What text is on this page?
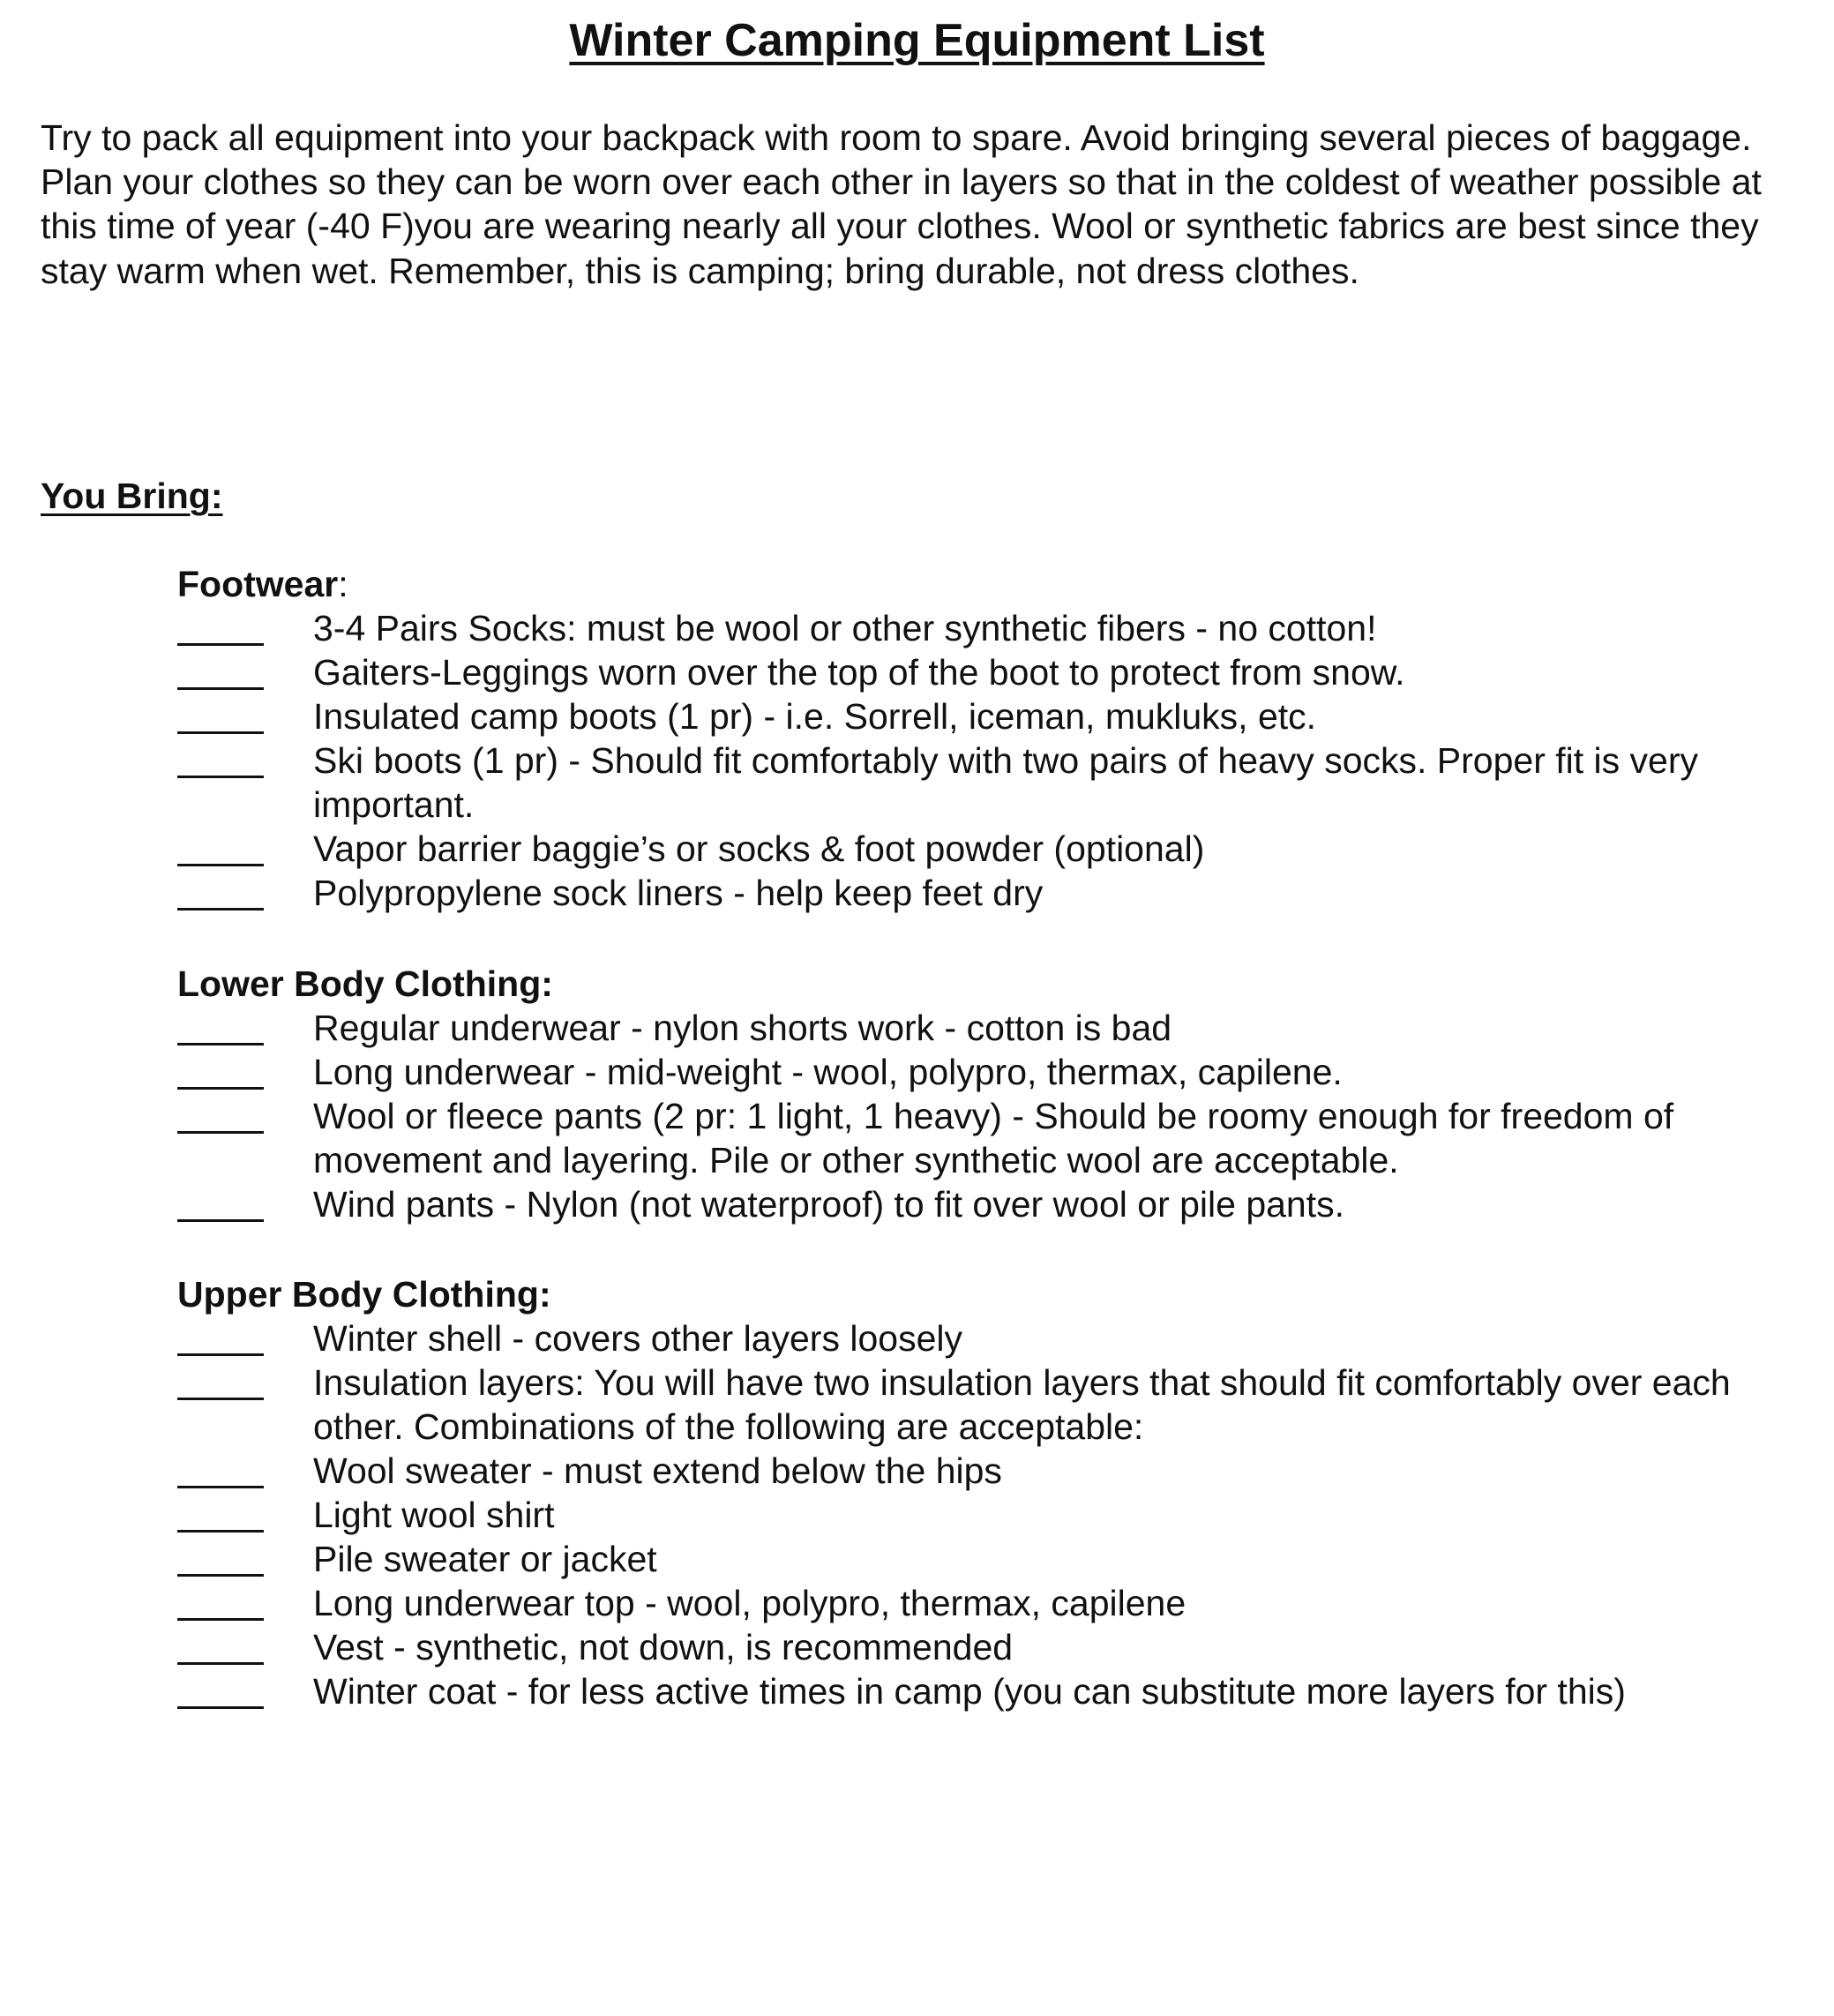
Winter Camping Equipment List

Try to pack all equipment into your backpack with room to spare. Avoid bringing several pieces of baggage. Plan your clothes so they can be worn over each other in layers so that in the coldest of weather possible at this time of year (-40 F)you are wearing nearly all your clothes. Wool or synthetic fabrics are best since they stay warm when wet. Remember, this is camping; bring durable, not dress clothes.

You Bring:
Footwear:
3-4 Pairs Socks: must be wool or other synthetic fibers - no cotton!
Gaiters-Leggings worn over the top of the boot to protect from snow.
Insulated camp boots (1 pr) - i.e. Sorrell, iceman, mukluks, etc.
Ski boots (1 pr) - Should fit comfortably with two pairs of heavy socks. Proper fit is very important.
Vapor barrier baggie’s or socks & foot powder (optional)
Polypropylene sock liners - help keep feet dry
Lower Body Clothing:
Regular underwear - nylon shorts work - cotton is bad
Long underwear - mid-weight - wool, polypro, thermax, capilene.
Wool or fleece pants (2 pr: 1 light, 1 heavy) - Should be roomy enough for freedom of movement and layering. Pile or other synthetic wool are acceptable.
Wind pants - Nylon (not waterproof) to fit over wool or pile pants.
Upper Body Clothing:
Winter shell - covers other layers loosely
Insulation layers: You will have two insulation layers that should fit comfortably over each other. Combinations of the following are acceptable:
Wool sweater - must extend below the hips
Light wool shirt
Pile sweater or jacket
Long underwear top - wool, polypro, thermax, capilene
Vest - synthetic, not down, is recommended
Winter coat - for less active times in camp (you can substitute more layers for this)
